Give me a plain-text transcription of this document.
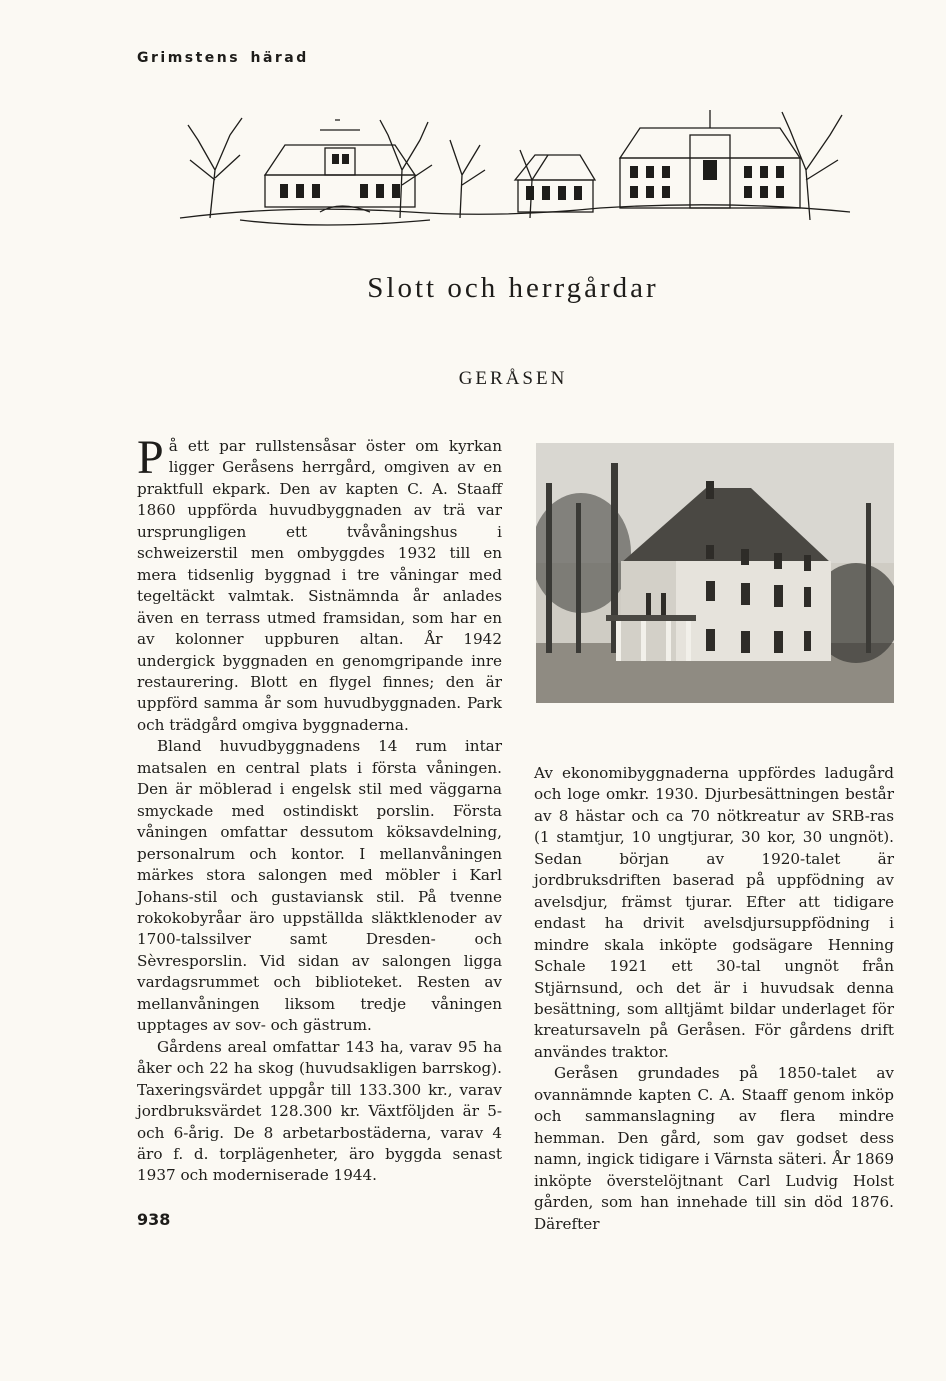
Grimstens härad
Slott och herrgårdar
GERÅSEN

På ett par rullstensåsar öster om kyrkan ligger Geråsens herrgård, omgiven av en praktfull ekpark. Den av kapten C. A. Staaff 1860 uppförda huvudbyggnaden av trä var ursprungligen ett tvåvåningshus i schweizerstil men ombyggdes 1932 till en mera tidsenlig byggnad i tre våningar med tegeltäckt valmtak. Sistnämnda år anlades även en terrass utmed framsidan, som har en av kolonner uppburen altan. År 1942 undergick byggnaden en genomgripande inre restaurering. Blott en flygel finnes; den är uppförd samma år som huvudbyggnaden. Park och trädgård omgiva byggnaderna.

Bland huvudbyggnadens 14 rum intar matsalen en central plats i första våningen. Den är möblerad i engelsk stil med väggarna smyckade med ostindiskt porslin. Första våningen omfattar dessutom köksavdelning, personalrum och kontor. I mellanvåningen märkes stora salongen med möbler i Karl Johans-stil och gustaviansk stil. På tvenne rokokobyråar äro uppställda släktklenoder av 1700-talssilver samt Dresden- och Sèvresporslin. Vid sidan av salongen ligga vardagsrummet och biblioteket. Resten av mellanvåningen liksom tredje våningen upptages av sov- och gästrum.

Gårdens areal omfattar 143 ha, varav 95 ha åker och 22 ha skog (huvudsakligen barrskog). Taxeringsvärdet uppgår till 133.300 kr., varav jordbruksvärdet 128.300 kr. Växtföljden är 5- och 6-årig. De 8 arbetarbostäderna, varav 4 äro f. d. torplägenheter, äro byggda senast 1937 och moderniserade 1944.

Av ekonomibyggnaderna uppfördes ladugård och loge omkr. 1930. Djurbesättningen består av 8 hästar och ca 70 nötkreatur av SRB-ras (1 stamtjur, 10 ungtjurar, 30 kor, 30 ungnöt). Sedan början av 1920-talet är jordbruksdriften baserad på uppfödning av avelsdjur, främst tjurar. Efter att tidigare endast ha drivit avelsdjursuppfödning i mindre skala inköpte godsägare Henning Schale 1921 ett 30-tal ungnöt från Stjärnsund, och det är i huvudsak denna besättning, som alltjämt bildar underlaget för kreatursaveln på Geråsen. För gårdens drift användes traktor.

Geråsen grundades på 1850-talet av ovannämnde kapten C. A. Staaff genom inköp och sammanslagning av flera mindre hemman. Den gård, som gav godset dess namn, ingick tidigare i Värnsta säteri. År 1869 inköpte överstelöjtnant Carl Ludvig Holst gården, som han innehade till sin död 1876. Därefter

938
